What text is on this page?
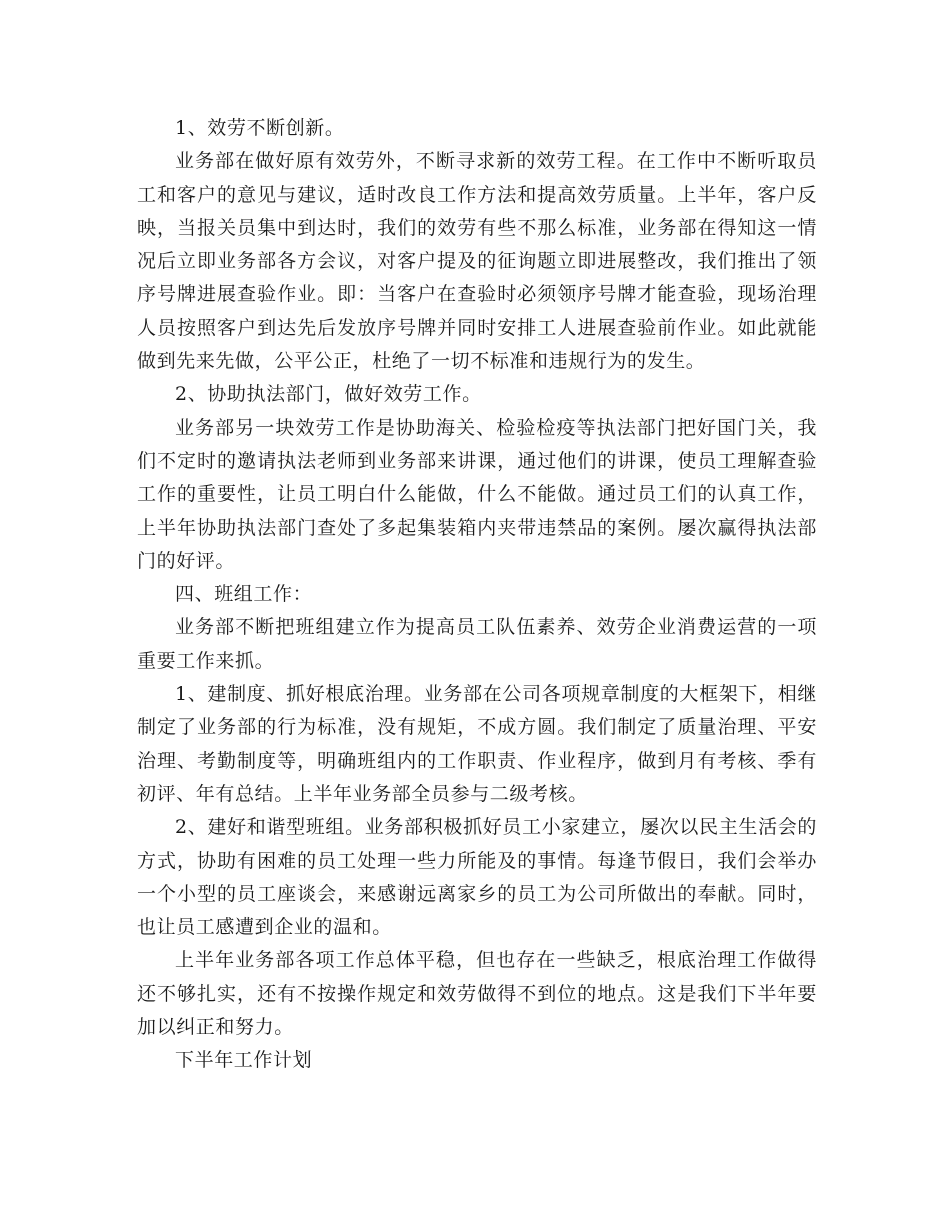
1、效劳不断创新。

业务部在做好原有效劳外，不断寻求新的效劳工程。在工作中不断听取员工和客户的意见与建议，适时改良工作方法和提高效劳质量。上半年，客户反映，当报关员集中到达时，我们的效劳有些不那么标准，业务部在得知这一情况后立即业务部各方会议，对客户提及的征询题立即进展整改，我们推出了领序号牌进展查验作业。即：当客户在查验时必须领序号牌才能查验，现场治理人员按照客户到达先后发放序号牌并同时安排工人进展查验前作业。如此就能做到先来先做，公平公正，杜绝了一切不标准和违规行为的发生。

2、协助执法部门，做好效劳工作。

业务部另一块效劳工作是协助海关、检验检疫等执法部门把好国门关，我们不定时的邀请执法老师到业务部来讲课，通过他们的讲课，使员工理解查验工作的重要性，让员工明白什么能做，什么不能做。通过员工们的认真工作，上半年协助执法部门查处了多起集装箱内夹带违禁品的案例。屡次赢得执法部门的好评。

四、班组工作：

业务部不断把班组建立作为提高员工队伍素养、效劳企业消费运营的一项重要工作来抓。

1、建制度、抓好根底治理。业务部在公司各项规章制度的大框架下，相继制定了业务部的行为标准，没有规矩，不成方圆。我们制定了质量治理、平安治理、考勤制度等，明确班组内的工作职责、作业程序，做到月有考核、季有初评、年有总结。上半年业务部全员参与二级考核。

2、建好和谐型班组。业务部积极抓好员工小家建立，屡次以民主生活会的方式，协助有困难的员工处理一些力所能及的事情。每逢节假日，我们会举办一个小型的员工座谈会，来感谢远离家乡的员工为公司所做出的奉献。同时，也让员工感遭到企业的温和。

上半年业务部各项工作总体平稳，但也存在一些缺乏，根底治理工作做得还不够扎实，还有不按操作规定和效劳做得不到位的地点。这是我们下半年要加以纠正和努力。

下半年工作计划
